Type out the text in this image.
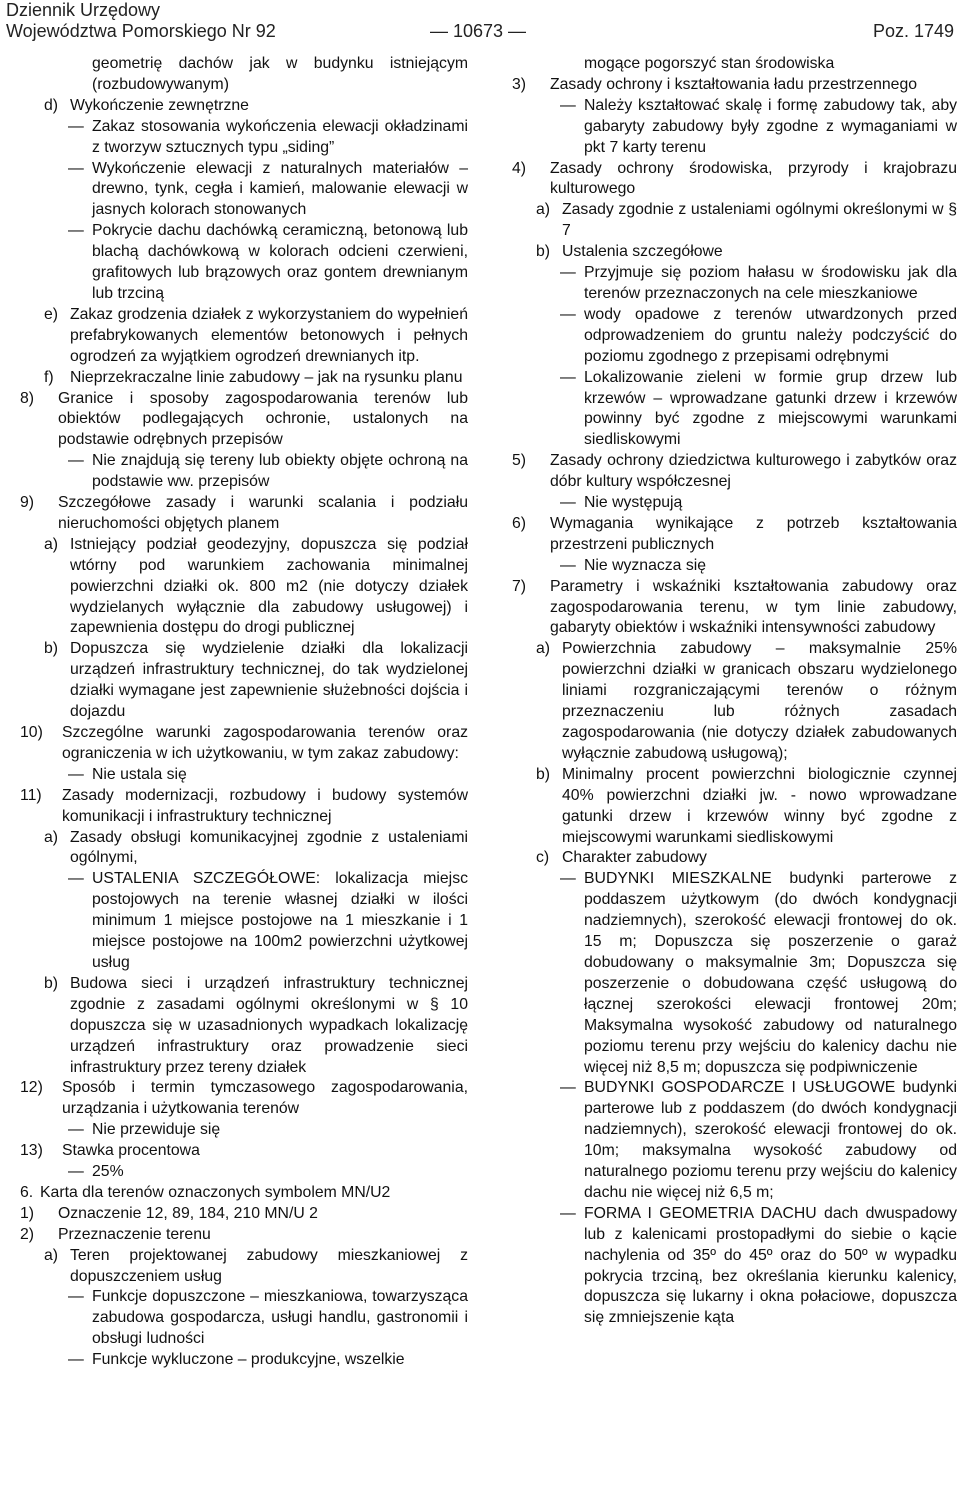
Dziennik Urzędowy
Województwa Pomorskiego Nr 92	— 10673 —	Poz. 1749
geometrię dachów jak w budynku istniejącym (rozbudowywanym)
d) Wykończenie zewnętrzne
— Zakaz stosowania wykończenia elewacji okładzinami z tworzyw sztucznych typu „siding”
— Wykończenie elewacji z naturalnych materiałów – drewno, tynk, cegła i kamień, malowanie elewacji w jasnych kolorach stonowanych
— Pokrycie dachu dachówką ceramiczną, betonową lub blachą dachówkową w kolorach odcieni czerwieni, grafitowych lub brązowych oraz gontem drewnianym lub trzciną
e) Zakaz grodzenia działek z wykorzystaniem do wypełnień prefabrykowanych elementów betonowych i pełnych ogrodzeń za wyjątkiem ogrodzeń drewnianych itp.
f) Nieprzekraczalne linie zabudowy – jak na rysunku planu
8) Granice i sposoby zagospodarowania terenów lub obiektów podlegających ochronie, ustalonych na podstawie odrębnych przepisów
— Nie znajdują się tereny lub obiekty objęte ochroną na podstawie ww. przepisów
9) Szczegółowe zasady i warunki scalania i podziału nieruchomości objętych planem
a) Istniejący podział geodezyjny, dopuszcza się podział wtórny pod warunkiem zachowania minimalnej powierzchni działki ok. 800 m2 (nie dotyczy działek wydzielanych wyłącznie dla zabudowy usługowej) i zapewnienia dostępu do drogi publicznej
b) Dopuszcza się wydzielenie działki dla lokalizacji urządzeń infrastruktury technicznej, do tak wydzielonej działki wymagane jest zapewnienie służebności dojścia i dojazdu
10) Szczególne warunki zagospodarowania terenów oraz ograniczenia w ich użytkowaniu, w tym zakaz zabudowy:
— Nie ustala się
11) Zasady modernizacji, rozbudowy i budowy systemów komunikacji i infrastruktury technicznej
a) Zasady obsługi komunikacyjnej zgodnie z ustaleniami ogólnymi,
— USTALENIA SZCZEGÓŁOWE: lokalizacja miejsc postojowych na terenie własnej działki w ilości minimum 1 miejsce postojowe na 1 mieszkanie i 1 miejsce postojowe na 100m2 powierzchni użytkowej usług
b) Budowa sieci i urządzeń infrastruktury technicznej zgodnie z zasadami ogólnymi określonymi w § 10 dopuszcza się w uzasadnionych wypadkach lokalizację urządzeń infrastruktury oraz prowadzenie sieci infrastruktury przez tereny działek
12) Sposób i termin tymczasowego zagospodarowania, urządzania i użytkowania terenów
— Nie przewiduje się
13) Stawka procentowa
— 25%
6. Karta dla terenów oznaczonych symbolem MN/U2
1) Oznaczenie 12, 89, 184, 210 MN/U 2
2) Przeznaczenie terenu
a) Teren projektowanej zabudowy mieszkaniowej z dopuszczeniem usług
— Funkcje dopuszczone – mieszkaniowa, towarzysząca zabudowa gospodarcza, usługi handlu, gastronomii i obsługi ludności
— Funkcje wykluczone – produkcyjne, wszelkie
mogące pogorszyć stan środowiska
3) Zasady ochrony i kształtowania ładu przestrzennego
— Należy kształtować skalę i formę zabudowy tak, aby gabaryty zabudowy były zgodne z wymaganiami w pkt 7 karty terenu
4) Zasady ochrony środowiska, przyrody i krajobrazu kulturowego
a) Zasady zgodnie z ustaleniami ogólnymi określonymi w § 7
b) Ustalenia szczegółowe
— Przyjmuje się poziom hałasu w środowisku jak dla terenów przeznaczonych na cele mieszkaniowe
— wody opadowe z terenów utwardzonych przed odprowadzeniem do gruntu należy podczyścić do poziomu zgodnego z przepisami odrębnymi
— Lokalizowanie zieleni w formie grup drzew lub krzewów – wprowadzane gatunki drzew i krzewów powinny być zgodne z miejscowymi warunkami siedliskowymi
5) Zasady ochrony dziedzictwa kulturowego i zabytków oraz dóbr kultury współczesnej
— Nie występują
6) Wymagania wynikające z potrzeb kształtowania przestrzeni publicznych
— Nie wyznacza się
7) Parametry i wskaźniki kształtowania zabudowy oraz zagospodarowania terenu, w tym linie zabudowy, gabaryty obiektów i wskaźniki intensywności zabudowy
a) Powierzchnia zabudowy – maksymalnie 25% powierzchni działki w granicach obszaru wydzielonego liniami rozgraniczającymi terenów o różnym przeznaczeniu lub różnych zasadach zagospodarowania (nie dotyczy działek zabudowanych wyłącznie zabudową usługową);
b) Minimalny procent powierzchni biologicznie czynnej 40% powierzchni działki jw. - nowo wprowadzane gatunki drzew i krzewów winny być zgodne z miejscowymi warunkami siedliskowymi
c) Charakter zabudowy
— BUDYNKI MIESZKALNE budynki parterowe z poddaszem użytkowym (do dwóch kondygnacji nadziemnych), szerokość elewacji frontowej do ok. 15 m; Dopuszcza się poszerzenie o garaż dobudowany o maksymalnie 3m; Dopuszcza się poszerzenie o dobudowana część usługową do łącznej szerokości elewacji frontowej 20m; Maksymalna wysokość zabudowy od naturalnego poziomu terenu przy wejściu do kalenicy dachu nie więcej niż 8,5 m; dopuszcza się podpiwniczenie
— BUDYNKI GOSPODARCZE I USŁUGOWE budynki parterowe lub z poddaszem (do dwóch kondygnacji nadziemnych), szerokość elewacji frontowej do ok. 10m; maksymalna wysokość zabudowy od naturalnego poziomu terenu przy wejściu do kalenicy dachu nie więcej niż 6,5 m;
— FORMA I GEOMETRIA DACHU dach dwuspadowy lub z kalenicami prostopadłymi do siebie o kącie nachylenia od 35º do 45º oraz do 50º w wypadku pokrycia trzciną, bez określania kierunku kalenicy, dopuszcza się lukarny i okna połaciowe, dopuszcza się zmniejszenie kąta
